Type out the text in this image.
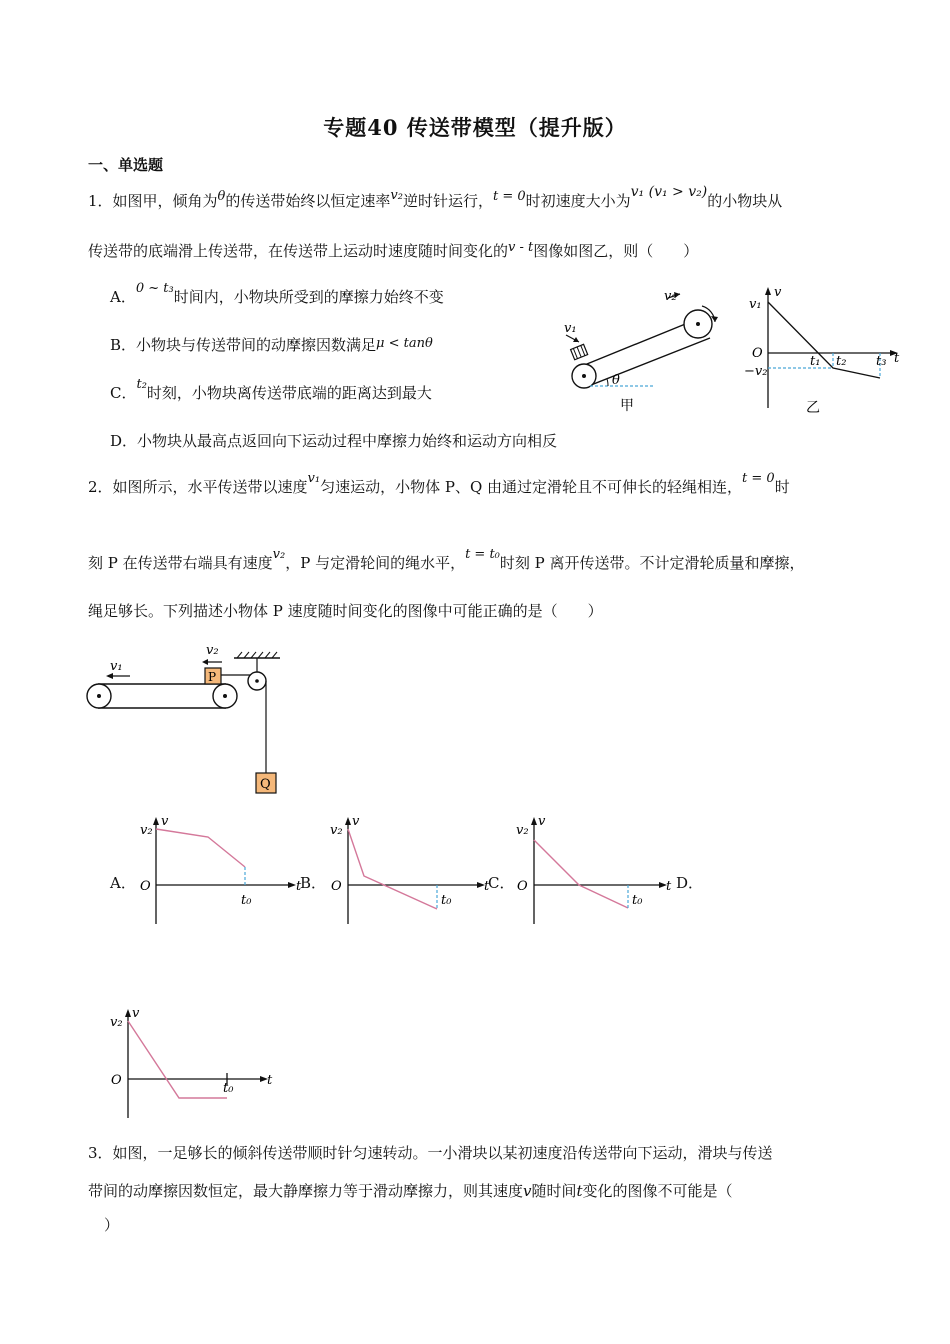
专题40 传送带模型（提升版）
一、单选题
1．如图甲，倾角为θ的传送带始终以恒定速率v₂逆时针运行，t = 0时初速度大小为v₁ (v₁ > v₂)的小物块从
传送带的底端滑上传送带，在传送带上运动时速度随时间变化的v - t图像如图乙，则（　　）
A．0 ~ t₃时间内，小物块所受到的摩擦力始终不变
B．小物块与传送带间的动摩擦因数满足μ < tanθ
C．t₂时刻，小物块离传送带底端的距离达到最大
D．小物块从最高点返回向下运动过程中摩擦力始终和运动方向相反
v₁
v₂
θ
甲
v
v₁
O
−v₂
t₁ t₂ t₃ t
乙
2．如图所示，水平传送带以速度v₁匀速运动，小物体 P、Q 由通过定滑轮且不可伸长的轻绳相连，t = 0时
刻 P 在传送带右端具有速度v₂，P 与定滑轮间的绳水平，t = t₀时刻 P 离开传送带。不计定滑轮质量和摩擦，
绳足够长。下列描述小物体 P 速度随时间变化的图像中可能正确的是（　　）
v₁
P
v₂
Q
A．
v₂
v
O
t₀
t
B．
v₂
v
O
t₀
t
C．
v₂
v
O
t₀
t D．
v₂
v
O
t₀
t
3．如图，一足够长的倾斜传送带顺时针匀速转动。一小滑块以某初速度沿传送带向下运动，滑块与传送
带间的动摩擦因数恒定，最大静摩擦力等于滑动摩擦力，则其速度v随时间t变化的图像不可能是（
）
